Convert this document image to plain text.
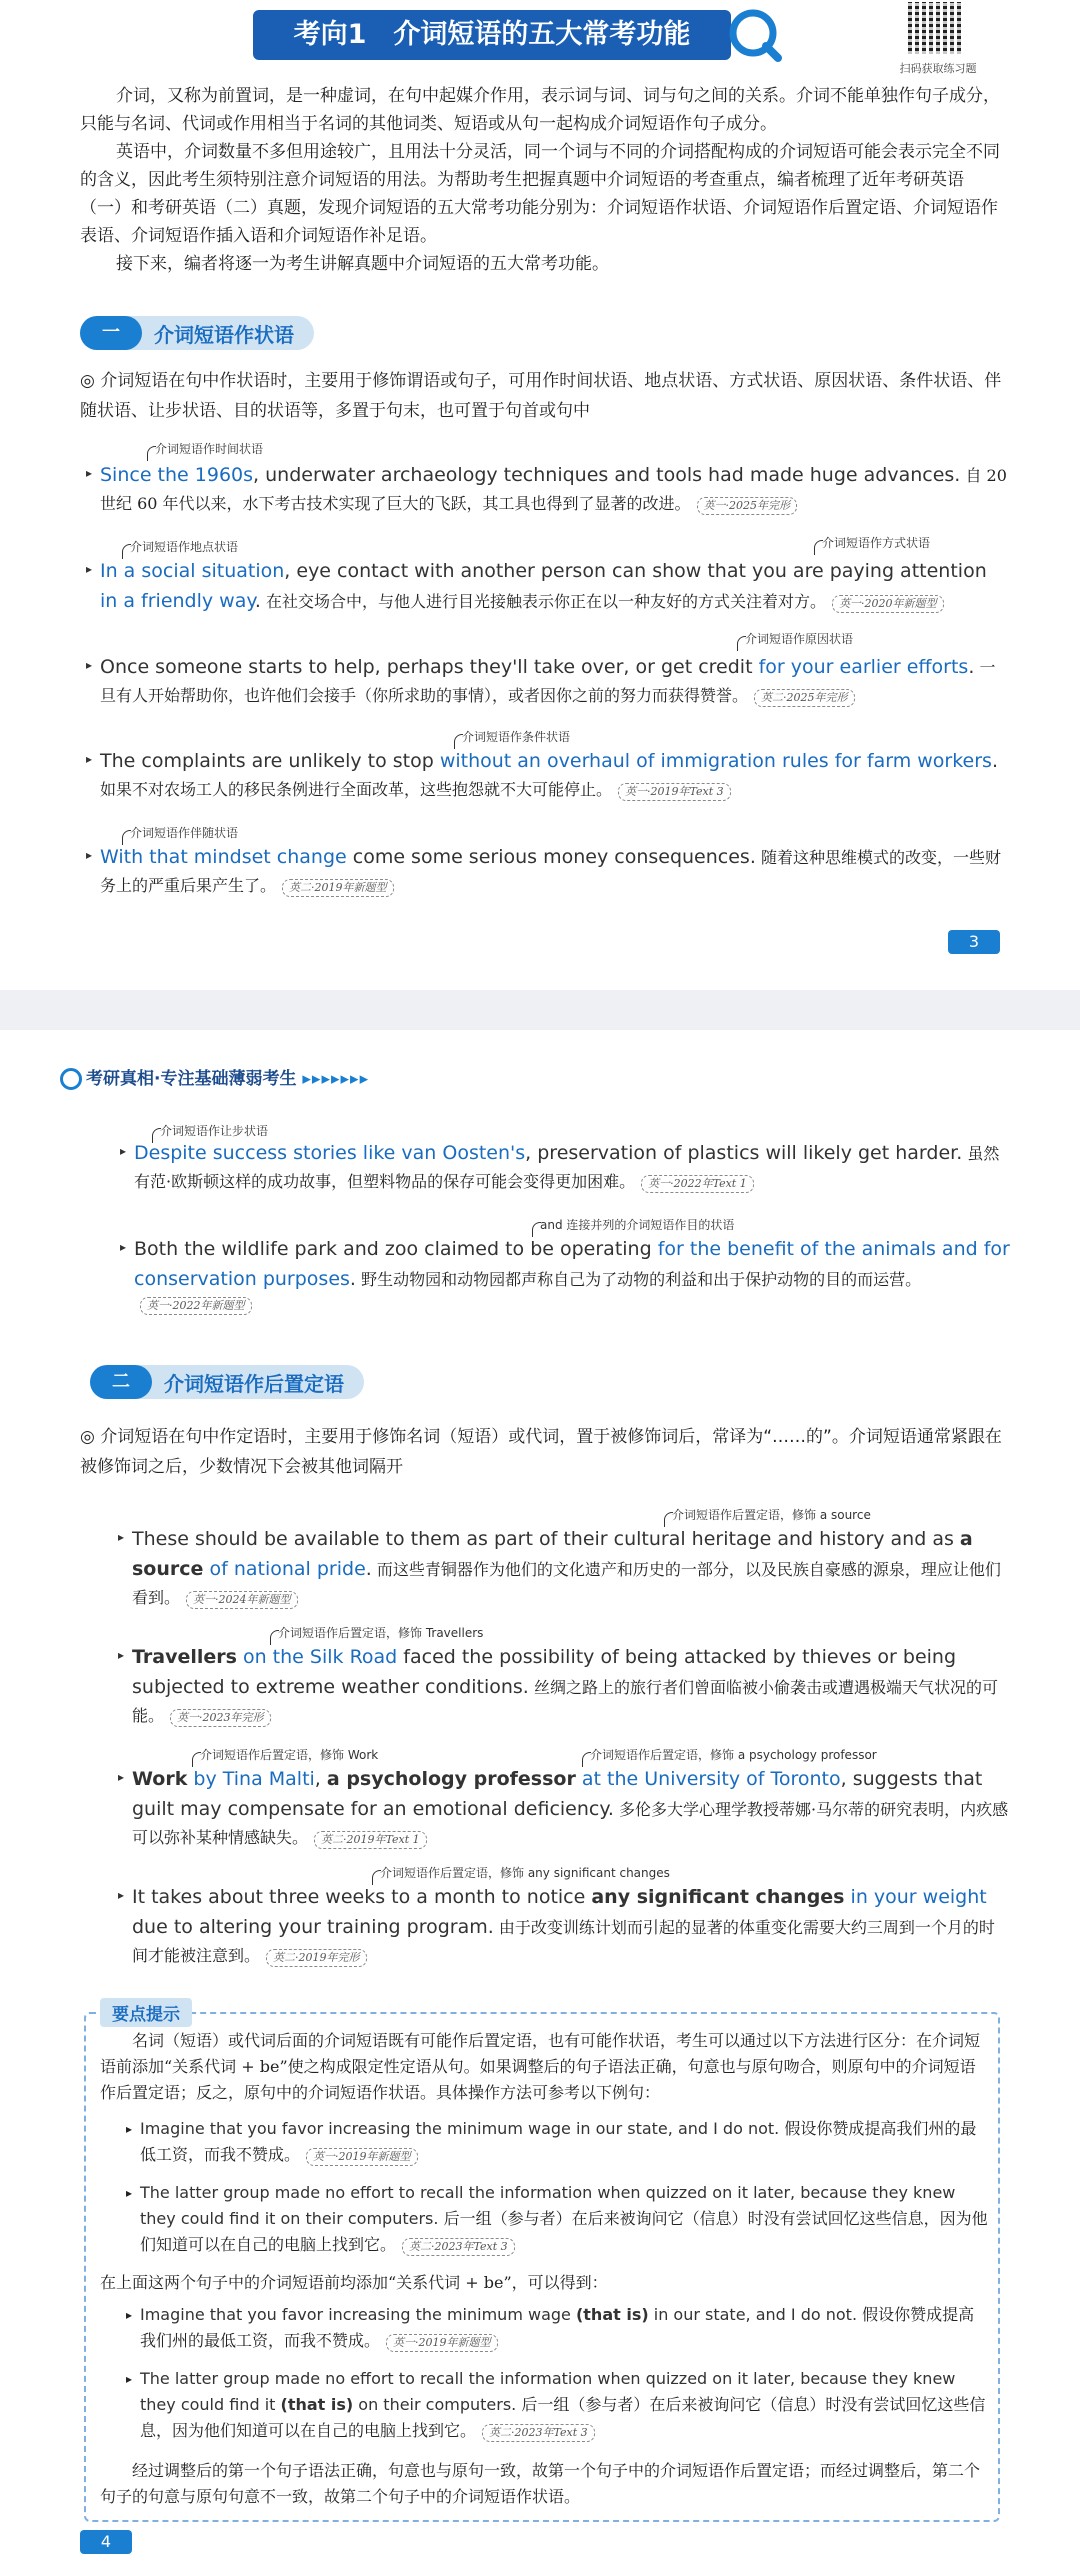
考向1　介词短语的五大常考功能
扫码获取练习题

介词，又称为前置词，是一种虚词，在句中起媒介作用，表示词与词、词与句之间的关系。介词不能单独作句子成分，只能与名词、代词或作用相当于名词的其他词类、短语或从句一起构成介词短语作句子成分。

英语中，介词数量不多但用途较广，且用法十分灵活，同一个词与不同的介词搭配构成的介词短语可能会表示完全不同的含义，因此考生须特别注意介词短语的用法。为帮助考生把握真题中介词短语的考查重点，编者梳理了近年考研英语（一）和考研英语（二）真题，发现介词短语的五大常考功能分别为：介词短语作状语、介词短语作后置定语、介词短语作表语、介词短语作插入语和介词短语作补足语。

接下来，编者将逐一为考生讲解真题中介词短语的五大常考功能。

一	介词短语作状语

◎ 介词短语在句中作状语时，主要用于修饰谓语或句子，可用作时间状语、地点状语、方式状语、原因状语、条件状语、伴随状语、让步状语、目的状语等，多置于句末，也可置于句首或句中

介词短语作时间状语
▸ Since the 1960s, underwater archaeology techniques and tools had made huge advances. 自 20 世纪 60 年代以来，水下考古技术实现了巨大的飞跃，其工具也得到了显著的改进。 英一·2025年完形
介词短语作地点状语	介词短语作方式状语
▸ In a social situation, eye contact with another person can show that you are paying attention in a friendly way. 在社交场合中，与他人进行目光接触表示你正在以一种友好的方式关注着对方。 英一·2020年新题型
介词短语作原因状语
▸ Once someone starts to help, perhaps they'll take over, or get credit for your earlier efforts. 一旦有人开始帮助你，也许他们会接手（你所求助的事情），或者因你之前的努力而获得赞誉。 英二·2025年完形
介词短语作条件状语
▸ The complaints are unlikely to stop without an overhaul of immigration rules for farm workers. 如果不对农场工人的移民条例进行全面改革，这些抱怨就不大可能停止。 英一·2019年Text 3
介词短语作伴随状语
▸ With that mindset change come some serious money consequences. 随着这种思维模式的改变，一些财务上的严重后果产生了。 英二·2019年新题型
3
考研真相·专注基础薄弱考生 ▸▸▸▸▸▸▸
介词短语作让步状语
▸ Despite success stories like van Oosten's, preservation of plastics will likely get harder. 虽然有范·欧斯顿这样的成功故事，但塑料物品的保存可能会变得更加困难。 英一·2022年Text 1
and 连接并列的介词短语作目的状语
▸ Both the wildlife park and zoo claimed to be operating for the benefit of the animals and for conservation purposes. 野生动物园和动物园都声称自己为了动物的利益和出于保护动物的目的而运营。英一·2022年新题型
二	介词短语作后置定语

◎ 介词短语在句中作定语时，主要用于修饰名词（短语）或代词，置于被修饰词后，常译为“……的”。介词短语通常紧跟在被修饰词之后，少数情况下会被其他词隔开

介词短语作后置定语，修饰 a source
▸ These should be available to them as part of their cultural heritage and history and as a source of national pride. 而这些青铜器作为他们的文化遗产和历史的一部分，以及民族自豪感的源泉，理应让他们看到。 英一·2024年新题型
介词短语作后置定语，修饰 Travellers
▸ Travellers on the Silk Road faced the possibility of being attacked by thieves or being subjected to extreme weather conditions. 丝绸之路上的旅行者们曾面临被小偷袭击或遭遇极端天气状况的可能。 英一·2023年完形
介词短语作后置定语，修饰 Work	介词短语作后置定语，修饰 a psychology professor
▸ Work by Tina Malti, a psychology professor at the University of Toronto, suggests that guilt may compensate for an emotional deficiency. 多伦多大学心理学教授蒂娜·马尔蒂的研究表明，内疚感可以弥补某种情感缺失。 英二·2019年Text 1
介词短语作后置定语，修饰 any significant changes
▸ It takes about three weeks to a month to notice any significant changes in your weight due to altering your training program. 由于改变训练计划而引起的显著的体重变化需要大约三周到一个月的时间才能被注意到。 英二·2019年完形
要点提示

名词（短语）或代词后面的介词短语既有可能作后置定语，也有可能作状语，考生可以通过以下方法进行区分：在介词短语前添加“关系代词 + be”使之构成限定性定语从句。如果调整后的句子语法正确，句意也与原句吻合，则原句中的介词短语作后置定语；反之，原句中的介词短语作状语。具体操作方法可参考以下例句：

▸ Imagine that you favor increasing the minimum wage in our state, and I do not. 假设你赞成提高我们州的最低工资，而我不赞成。 英一·2019年新题型
▸ The latter group made no effort to recall the information when quizzed on it later, because they knew they could find it on their computers. 后一组（参与者）在后来被询问它（信息）时没有尝试回忆这些信息，因为他们知道可以在自己的电脑上找到它。 英二·2023年Text 3

在上面这两个句子中的介词短语前均添加“关系代词 + be”，可以得到：

▸ Imagine that you favor increasing the minimum wage (that is) in our state, and I do not. 假设你赞成提高我们州的最低工资，而我不赞成。 英一·2019年新题型
▸ The latter group made no effort to recall the information when quizzed on it later, because they knew they could find it (that is) on their computers. 后一组（参与者）在后来被询问它（信息）时没有尝试回忆这些信息，因为他们知道可以在自己的电脑上找到它。 英二·2023年Text 3

经过调整后的第一个句子语法正确，句意也与原句一致，故第一个句子中的介词短语作后置定语；而经过调整后，第二个句子的句意与原句句意不一致，故第二个句子中的介词短语作状语。

4
